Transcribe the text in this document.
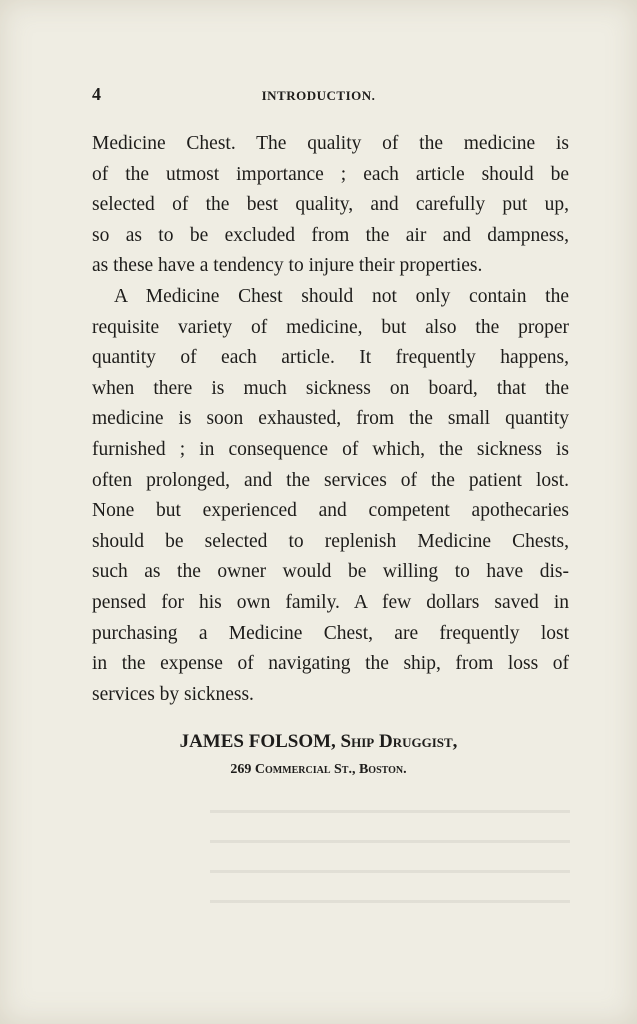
4	INTRODUCTION.
Medicine Chest. The quality of the medicine is
of the utmost importance ; each article should be
selected of the best quality, and carefully put up,
so as to be excluded from the air and dampness,
as these have a tendency to injure their properties.
A Medicine Chest should not only contain the
requisite variety of medicine, but also the proper
quantity of each article. It frequently happens,
when there is much sickness on board, that the
medicine is soon exhausted, from the small quantity
furnished ; in consequence of which, the sickness is
often prolonged, and the services of the patient lost.
None but experienced and competent apothecaries
should be selected to replenish Medicine Chests,
such as the owner would be willing to have dis-
pensed for his own family. A few dollars saved in
purchasing a Medicine Chest, are frequently lost
in the expense of navigating the ship, from loss of
services by sickness.
JAMES FOLSOM, Ship Druggist,
269 Commercial St., Boston.
